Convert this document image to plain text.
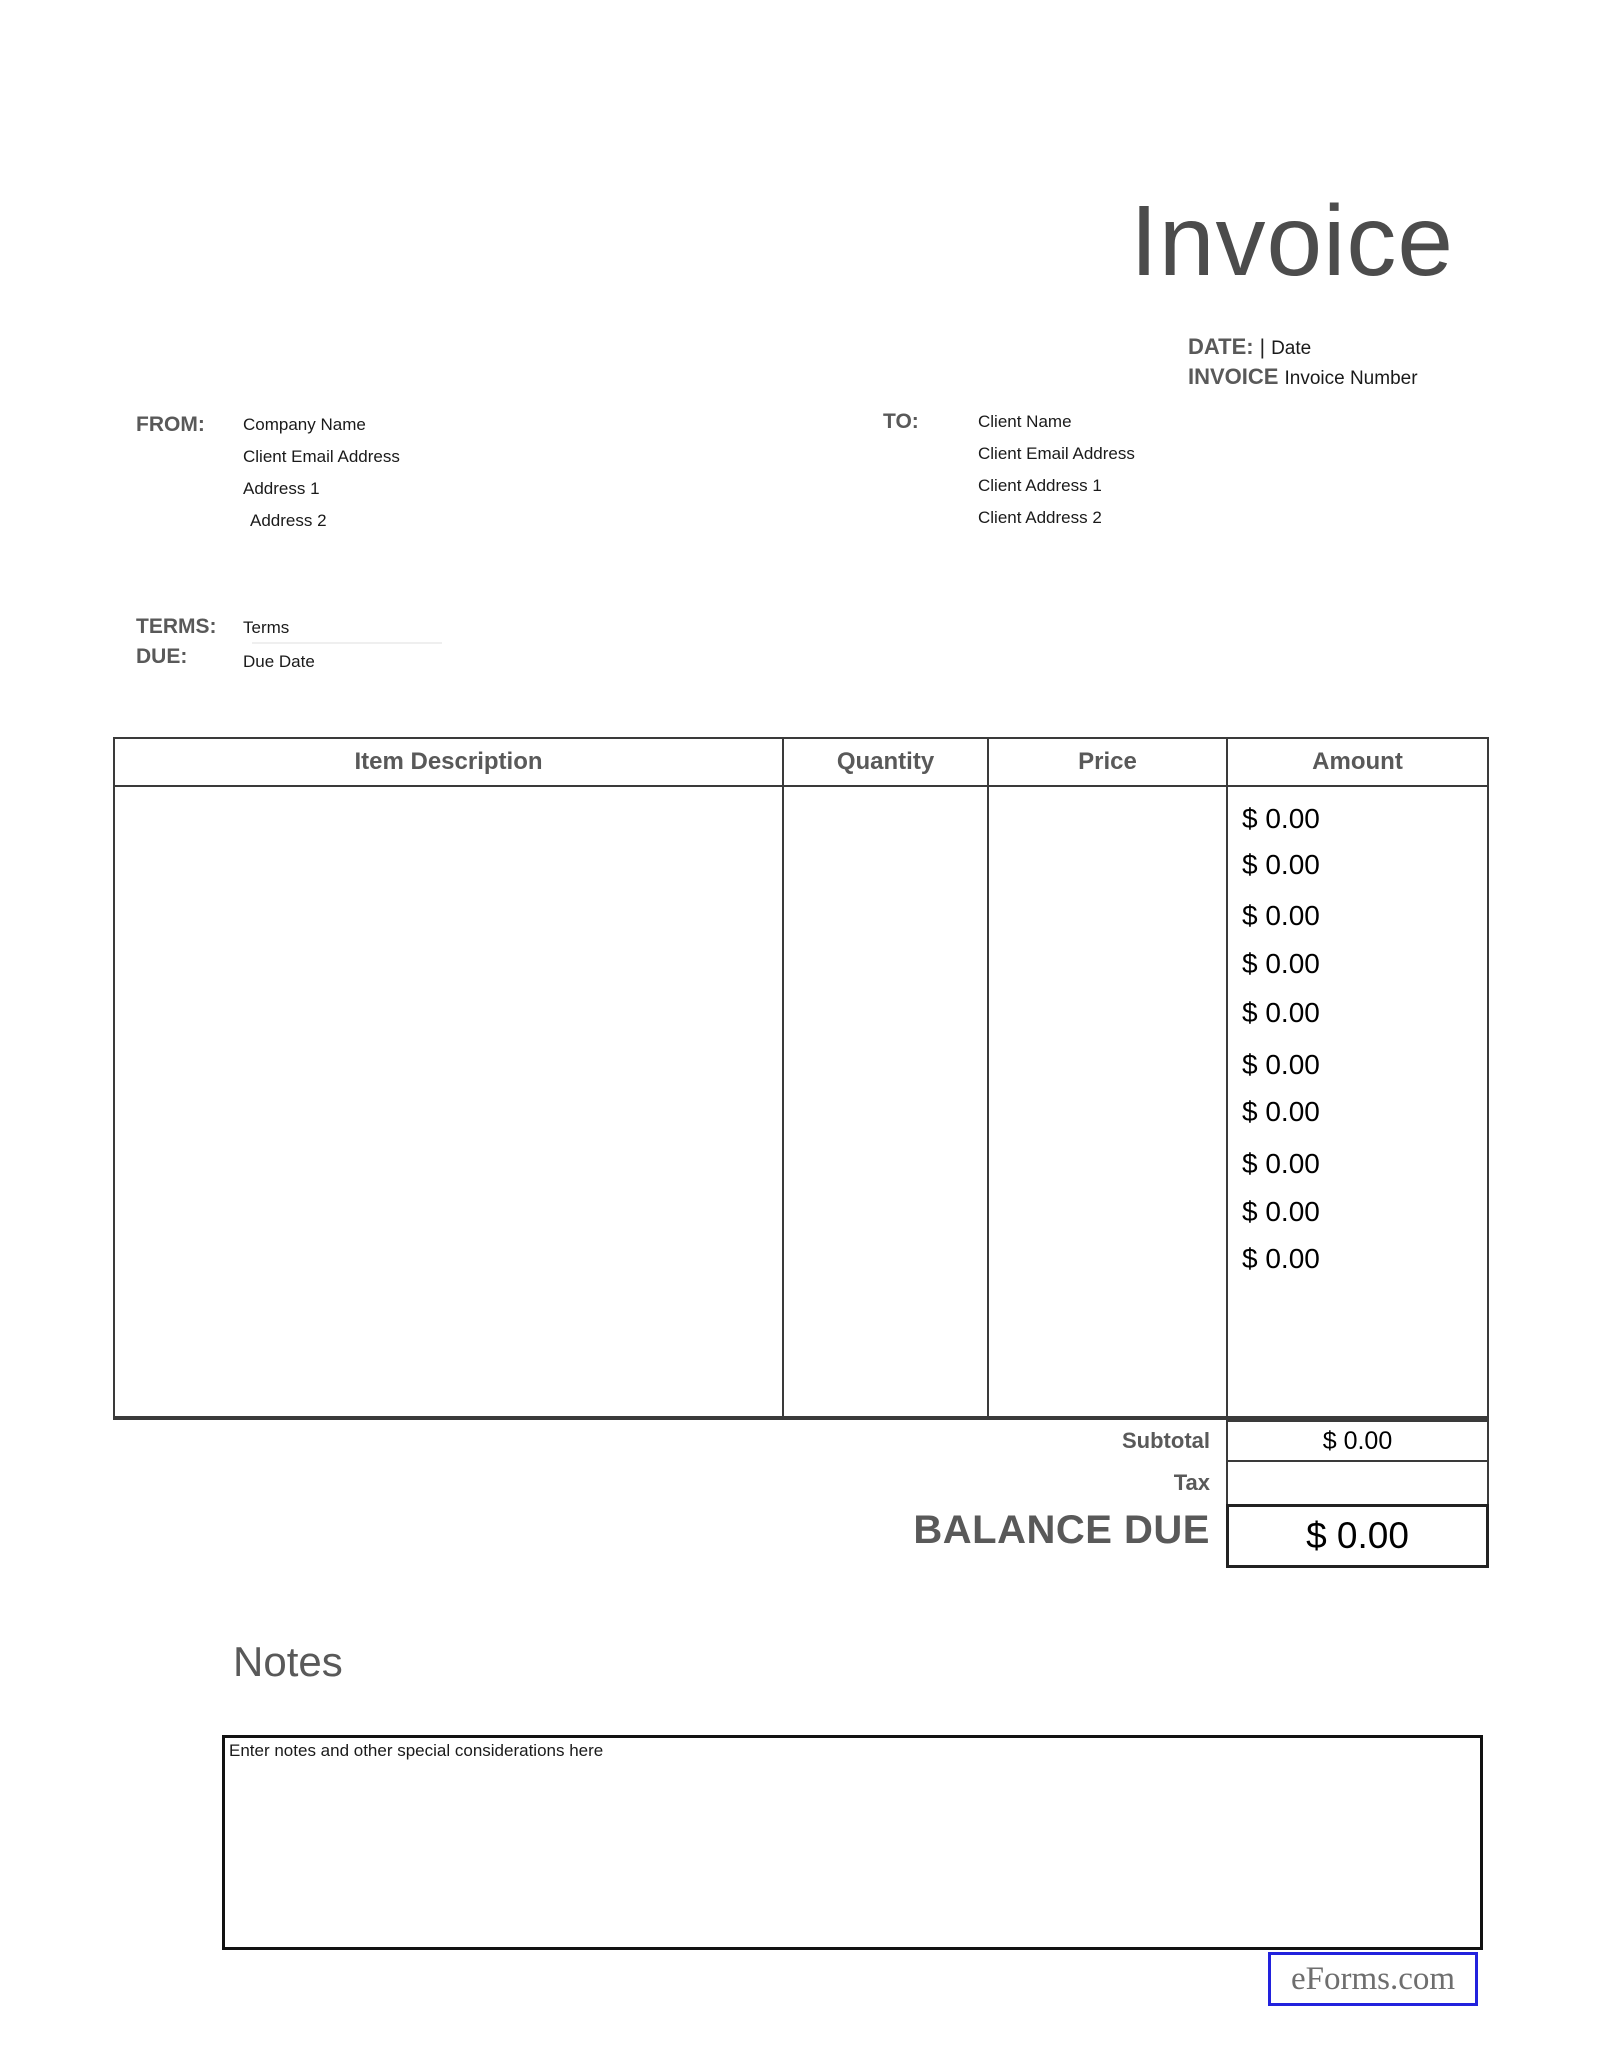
Invoice
DATE: | Date
INVOICE Invoice Number
FROM: Company Name
Client Email Address
Address 1
Address 2
TO:	Client Name
Client Email Address
Client Address 1
Client Address 2
TERMS: Terms
DUE:	Due Date
Item Description	Quantity	Price	Amount
$ 0.00
$ 0.00
$ 0.00
$ 0.00
$ 0.00
$ 0.00
$ 0.00
$ 0.00
$ 0.00
$ 0.00
Subtotal	$ 0.00
Tax
BALANCE DUE	$ 0.00
Notes
Enter notes and other special considerations here
eForms.com
